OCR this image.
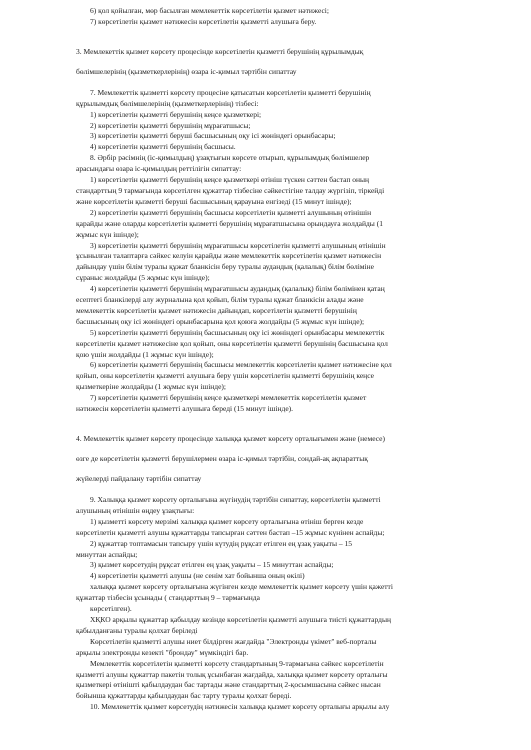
6) қол қойылған, мөр басылған мемлекеттік көрсетілетін қызмет нәтижесі;
7) көрсетілетін қызмет нәтижесін көрсетілетін қызметті алушыға беру.
3. Мемлекеттік қызмет көрсету процесінде көрсетілетін қызметті берушінің құрылымдық
бөлімшелерінің (қызметкерлерінің) өзара іс-қимыл тәртібін сипаттау
7. Мемлекеттік қызметті көрсету процесіне қатысатын көрсетілетін қызметті берушінің
құрылымдық бөлімшелерінің (қызметкерлерінің) тізбесі:
1) көрсетілетін қызметті берушінің кеңсе қызметкері;
2) көрсетілетін қызметті берушінің мұрағатшысы;
3) көрсетілетін қызметті беруші басшысының оқу ісі жөніндегі орынбасары;
4) көрсетілетін қызметті берушінің басшысы.
8. Әрбір рәсімнің (іс-қимылдың) ұзақтығын көрсете отырып, құрылымдық бөлімшелер
арасындағы өзара іс-қимылдың реттілігін сипаттау:
1) көрсетілетін қызметті берушінің кеңсе қызметкері өтініш түскен сәттен бастап оның
стандарттың 9 тармағында көрсетілген құжаттар тізбесіне сәйкестігіне талдау жүргізіп, тіркейді
және көрсетілетін қызметті беруші басшысының қарауына енгізеді (15 минут ішінде);
2) көрсетілетін қызметті берушінің басшысы көрсетілетін қызметті алушының өтінішін
қарайды және оларды көрсетілетін қызметті берушінің мұрағатшысына орындауға жолдайды (1
жұмыс күн ішінде);
3) көрсетілетін қызметті берушінің мұрағатшысы көрсетілетін қызметті алушының өтінішін
ұсынылған талаптарға сәйкес келуін қарайды және мемлекеттік көрсетілетін қызмет нәтижесін
дайындау үшін білім туралы құжат бланкісін беру туралы аудандық (қалалық) білім бөліміне
сұраныс жолдайды (5 жұмыс күн ішінде);
4) көрсетілетін қызметті берушінің мұрағатшысы аудандық (қалалық) білім бөлімінен қатаң
есептегі бланкілерді алу журналына қол қойып, білім туралы құжат бланкісін алады және
мемлекеттік көрсетілетін қызмет нәтижесін дайындап, көрсетілетін қызметті берушінің
басшысының оқу ісі жөніндегі орынбасарына қол қоюға жолдайды (5 жұмыс күн ішінде);
5) көрсетілетін қызметті берушінің басшысының оқу ісі жөніндегі орынбасары мемлекеттік
көрсетілетін қызмет нәтижесіне қол қойып, оны көрсетілетін қызметті берушінің басшысына қол
қою үшін жолдайды (1 жұмыс күн ішінде);
6) көрсетілетін қызметті берушінің басшысы мемлекеттік көрсетілетін қызмет нәтижесіне қол
қойып, оны көрсетілетін қызметті алушыға беру үшін көрсетілетін қызметті берушінің кеңсе
қызметкеріне жолдайды (1 жұмыс күн ішінде);
7) көрсетілетін қызметті берушінің кеңсе қызметкері мемлекеттік көрсетілетін қызмет
нәтижесін көрсетілетін қызметті алушыға береді (15 минут ішінде).
4. Мемлекеттік қызмет көрсету процесінде халыққа қызмет көрсету орталығымен және (немесе)
өзге де көрсетілетін қызметті берушілермен өзара іс-қимыл тәртібін, сондай-ақ ақпараттық
жүйелерді пайдалану тәртібін сипаттау
9. Халыққа қызмет көрсету орталығына жүгінудің тәртібін сипаттау, көрсетілетін қызметті
алушының өтінішін өңдеу ұзақтығы:
1) қызметті көрсету мерзімі халыққа қызмет көрсету орталығына өтініш берген кезде
көрсетілетін қызметті алушы құжаттарды тапсырған сәттен бастап –15 жұмыс күнінен аспайды;
2) құжаттар топтамасын тапсыру үшін күтудің рұқсат етілген ең ұзақ уақыты – 15
минуттан аспайды;
3) қызмет көрсетудің рұқсат етілген ең ұзақ уақыты – 15 минуттан аспайды;
4) көрсетілетін қызметті алушы (не сенім хат бойынша оның өкілі)
халыққа қызмет көрсету орталығына жүгінген кезде мемлекеттік қызмет көрсету үшін қажетті
құжаттар тізбесін ұсынады ( стандарттың 9 – тармағында
көрсетілген).
ХҚКО арқылы құжаттар қабылдау кезінде көрсетілетін қызметті алушыға тиісті құжаттардың
қабылданғаны туралы қолхат беріледі
Көрсетілетін қызметті алушы ниет білдірген жағдайда "Электронды үкімет" веб-порталы
арқылы электронды кезекті "брондау" мүмкіндігі бар.
Мемлекеттік көрсетілетін қызметті көрсету стандартының 9-тармағына сәйкес көрсетілетін
қызметті алушы құжаттар пакетін толық ұсынбаған жағдайда, халыққа қызмет көрсету орталығы
қызметкері өтінішті қабылдаудан бас тартады және стандарттың 2-қосымшасына сәйкес нысан
бойынша құжаттарды қабылдаудан бас тарту туралы қолхат береді.
10. Мемлекеттік қызмет көрсетудің нәтижесін халыққа қызмет көрсету орталығы арқылы алу
